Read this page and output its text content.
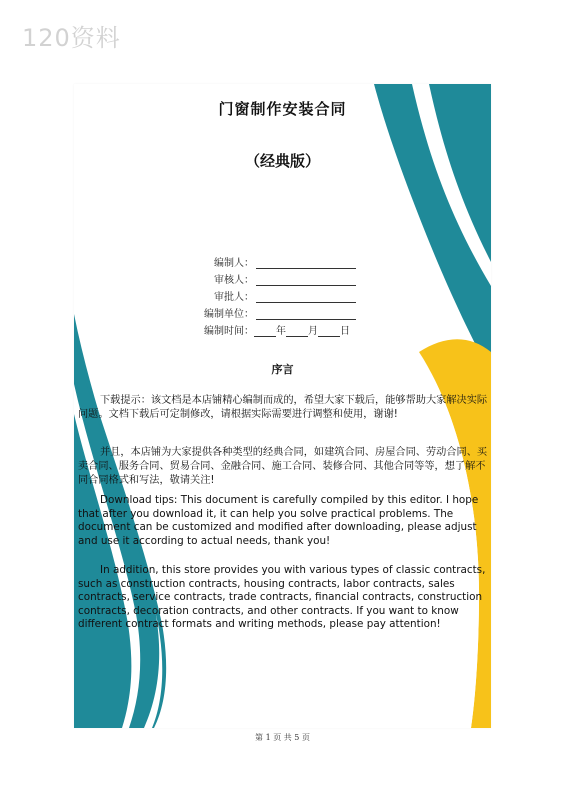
120资料
门窗制作安装合同
（经典版）
编制人：
审核人：
审批人：
编制单位：
编制时间： 年 月 日
序言
下载提示：该文档是本店铺精心编制而成的，希望大家下载后，能够帮助大家解决实际问题。文档下载后可定制修改，请根据实际需要进行调整和使用，谢谢!
并且，本店铺为大家提供各种类型的经典合同，如建筑合同、房屋合同、劳动合同、买卖合同、服务合同、贸易合同、金融合同、施工合同、装修合同、其他合同等等，想了解不同合同格式和写法，敬请关注!
Download tips: This document is carefully compiled by this editor. I hope that after you download it, it can help you solve practical problems. The document can be customized and modified after downloading, please adjust and use it according to actual needs, thank you!
In addition, this store provides you with various types of classic contracts, such as construction contracts, housing contracts, labor contracts, sales contracts, service contracts, trade contracts, financial contracts, construction contracts, decoration contracts, and other contracts. If you want to know different contract formats and writing methods, please pay attention!
第 1 页 共 5 页
